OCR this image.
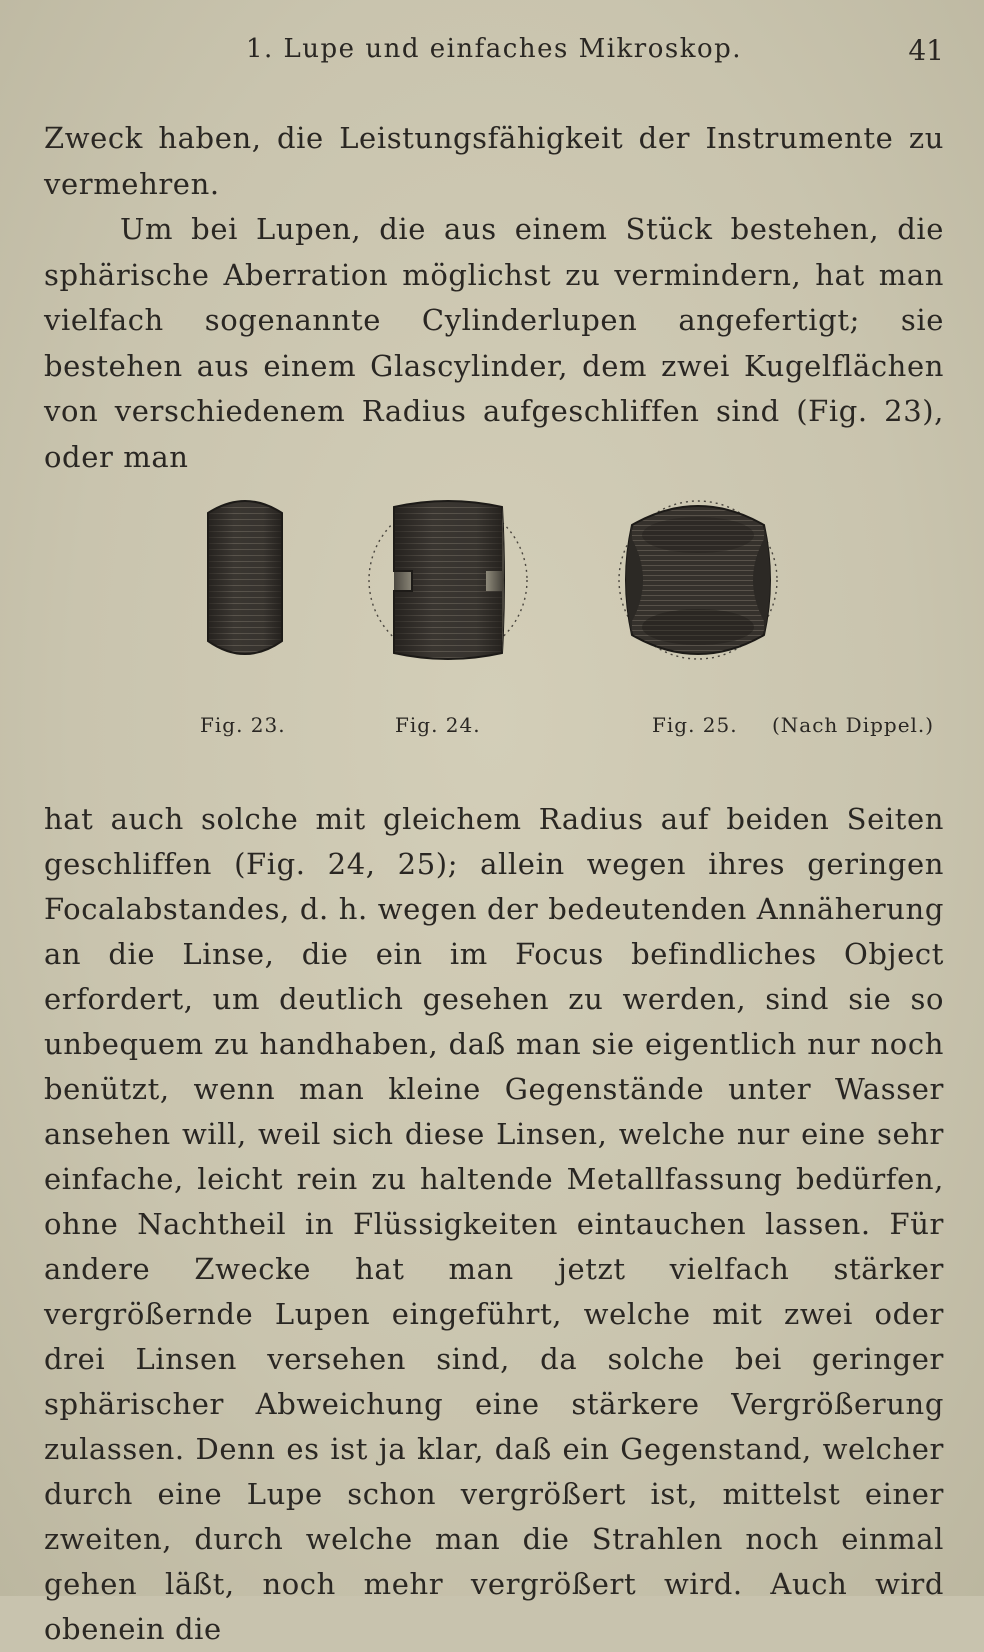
1. Lupe und einfaches Mikroskop.	41

Zweck haben, die Leistungsfähigkeit der Instrumente zu vermehren.

Um bei Lupen, die aus einem Stück bestehen, die sphärische Aberration möglichst zu vermindern, hat man vielfach sogenannte Cylinderlupen angefertigt; sie bestehen aus einem Glascylinder, dem zwei Kugelflächen von verschiedenem Radius aufgeschliffen sind (Fig. 23), oder man

Fig. 23.	Fig. 24.	Fig. 25. (Nach Dippel.)

hat auch solche mit gleichem Radius auf beiden Seiten geschliffen (Fig. 24, 25); allein wegen ihres geringen Focalabstandes, d. h. wegen der bedeutenden Annäherung an die Linse, die ein im Focus befindliches Object erfordert, um deutlich gesehen zu werden, sind sie so unbequem zu handhaben, daß man sie eigentlich nur noch benützt, wenn man kleine Gegenstände unter Wasser ansehen will, weil sich diese Linsen, welche nur eine sehr einfache, leicht rein zu haltende Metallfassung bedürfen, ohne Nachtheil in Flüssigkeiten eintauchen lassen. Für andere Zwecke hat man jetzt vielfach stärker vergrößernde Lupen eingeführt, welche mit zwei oder drei Linsen versehen sind, da solche bei geringer sphärischer Abweichung eine stärkere Vergrößerung zulassen. Denn es ist ja klar, daß ein Gegenstand, welcher durch eine Lupe schon vergrößert ist, mittelst einer zweiten, durch welche man die Strahlen noch einmal gehen läßt, noch mehr vergrößert wird. Auch wird obenein die
